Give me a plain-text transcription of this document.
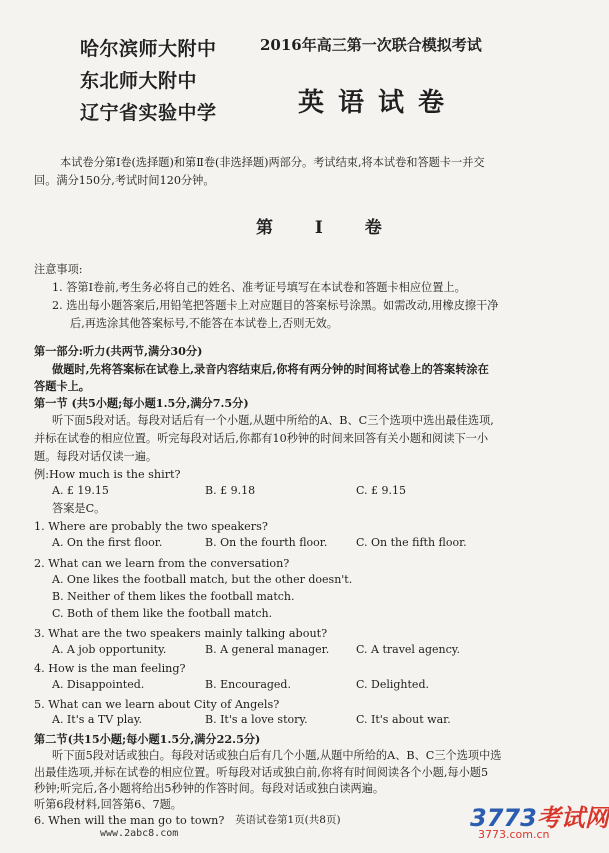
哈尔滨师大附中
东北师大附中
辽宁省实验中学
2016年高三第一次联合模拟考试
英语试卷
本试卷分第Ⅰ卷(选择题)和第Ⅱ卷(非选择题)两部分。考试结束,将本试卷和答题卡一并交
回。满分150分,考试时间120分钟。
第 Ⅰ 卷
注意事项:
1. 答第Ⅰ卷前,考生务必将自己的姓名、准考证号填写在本试卷和答题卡相应位置上。
2. 选出每小题答案后,用铅笔把答题卡上对应题目的答案标号涂黑。如需改动,用橡皮擦干净
后,再选涂其他答案标号,不能答在本试卷上,否则无效。
第一部分:听力(共两节,满分30分)
做题时,先将答案标在试卷上,录音内容结束后,你将有两分钟的时间将试卷上的答案转涂在
答题卡上。
第一节 (共5小题;每小题1.5分,满分7.5分)
听下面5段对话。每段对话后有一个小题,从题中所给的A、B、C三个选项中选出最佳选项,
并标在试卷的相应位置。听完每段对话后,你都有10秒钟的时间来回答有关小题和阅读下一小
题。每段对话仅读一遍。
例:How much is the shirt?
A. £ 19.15	B. £ 9.18	C. £ 9.15
答案是C。
1. Where are probably the two speakers?
A. On the first floor.	B. On the fourth floor.	C. On the fifth floor.
2. What can we learn from the conversation?
A. One likes the football match, but the other doesn't.
B. Neither of them likes the football match.
C. Both of them like the football match.
3. What are the two speakers mainly talking about?
A. A job opportunity.	B. A general manager. C. A travel agency.
4. How is the man feeling?
A. Disappointed.	B. Encouraged.	C. Delighted.
5. What can we learn about City of Angels?
A. It's a TV play.	B. It's a love story.	C. It's about war.
第二节(共15小题;每小题1.5分,满分22.5分)
听下面5段对话或独白。每段对话或独白后有几个小题,从题中所给的A、B、C三个选项中选
出最佳选项,并标在试卷的相应位置。听每段对话或独白前,你将有时间阅读各个小题,每小题5
秒钟;听完后,各小题将给出5秒钟的作答时间。每段对话或独白读两遍。
听第6段材料,回答第6、7题。
6. When will the man go to town? 英语试卷第1页(共8页)
www.2abc8.com
3773考试网
3773.com.cn
